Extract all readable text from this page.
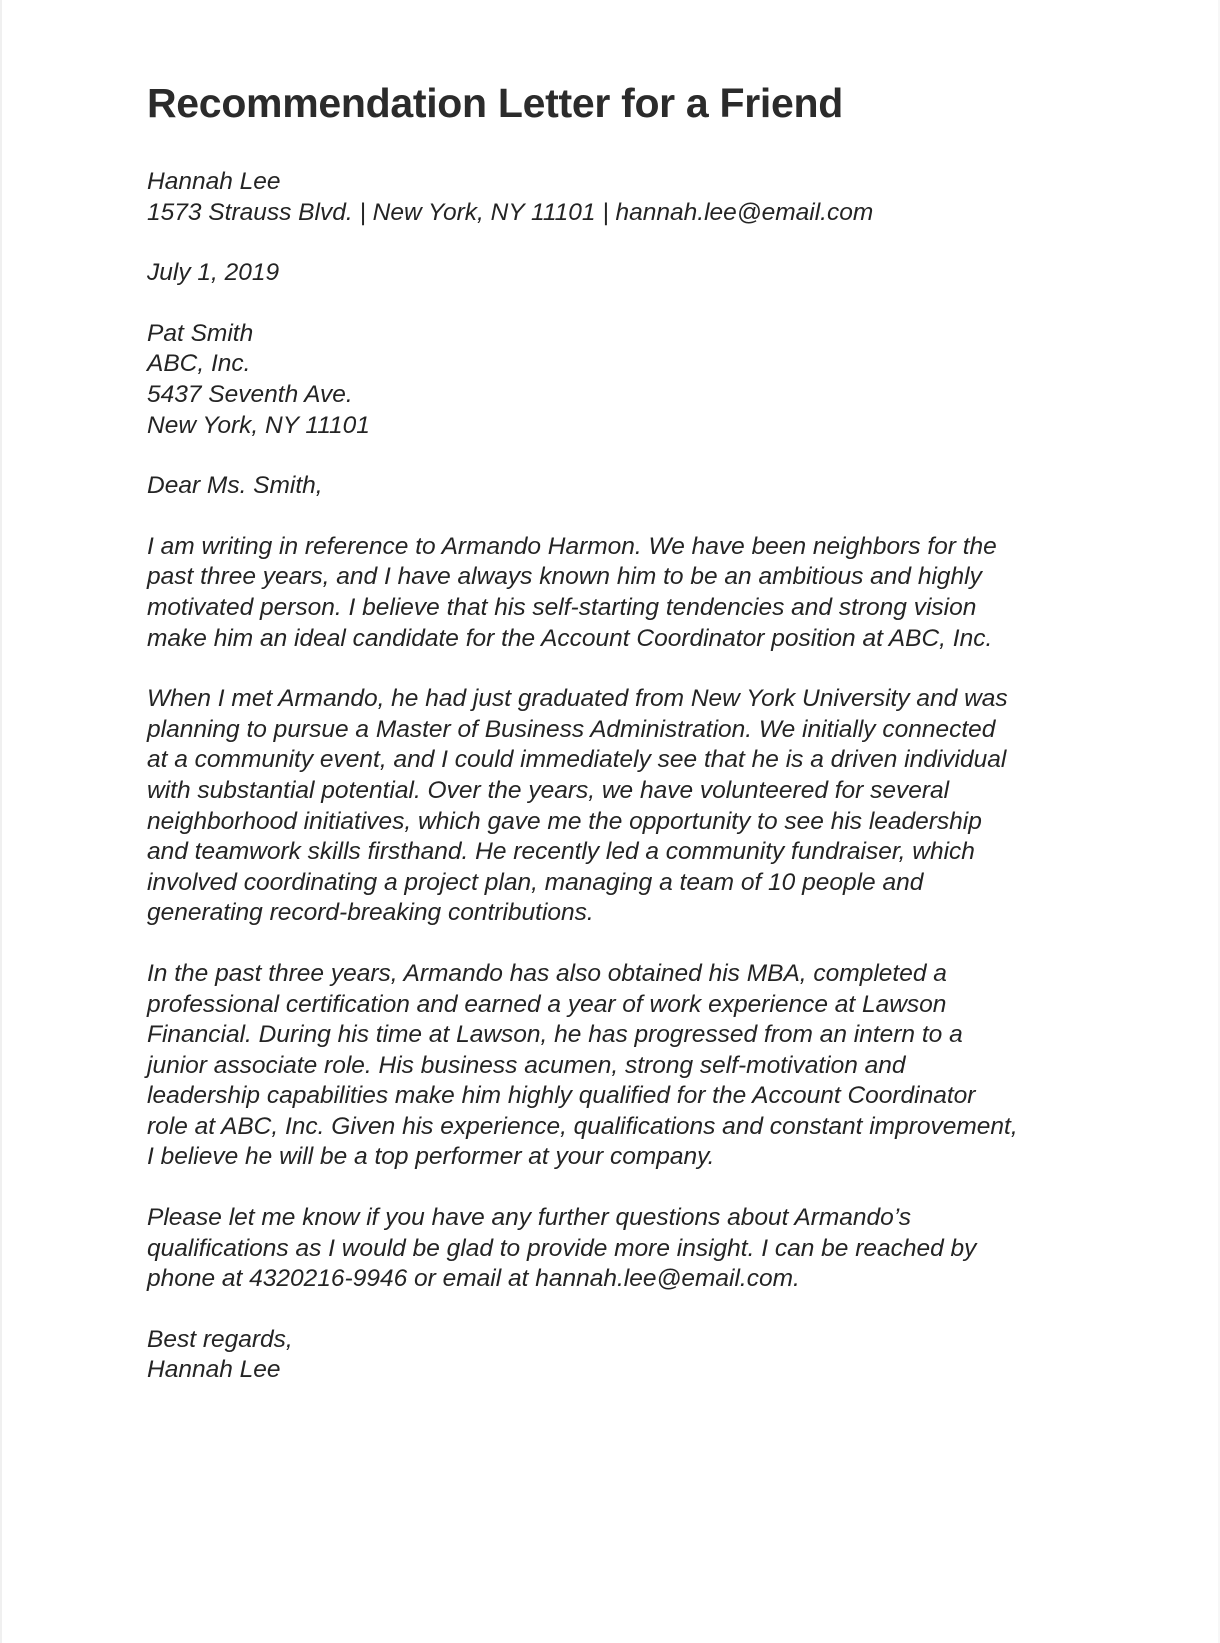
Recommendation Letter for a Friend
Hannah Lee
1573 Strauss Blvd. | New York, NY 11101 | hannah.lee@email.com
July 1, 2019
Pat Smith
ABC, Inc.
5437 Seventh Ave.
New York, NY 11101
Dear Ms. Smith,

I am writing in reference to Armando Harmon. We have been neighbors for the past three years, and I have always known him to be an ambitious and highly motivated person. I believe that his self-starting tendencies and strong vision make him an ideal candidate for the Account Coordinator position at ABC, Inc.

When I met Armando, he had just graduated from New York University and was planning to pursue a Master of Business Administration. We initially connected at a community event, and I could immediately see that he is a driven individual with substantial potential. Over the years, we have volunteered for several neighborhood initiatives, which gave me the opportunity to see his leadership and teamwork skills firsthand. He recently led a community fundraiser, which involved coordinating a project plan, managing a team of 10 people and generating record-breaking contributions.

In the past three years, Armando has also obtained his MBA, completed a professional certification and earned a year of work experience at Lawson Financial. During his time at Lawson, he has progressed from an intern to a junior associate role. His business acumen, strong self-motivation and leadership capabilities make him highly qualified for the Account Coordinator role at ABC, Inc. Given his experience, qualifications and constant improvement, I believe he will be a top performer at your company.

Please let me know if you have any further questions about Armando’s qualifications as I would be glad to provide more insight. I can be reached by phone at 4320216-9946 or email at hannah.lee@email.com.

Best regards,
Hannah Lee
